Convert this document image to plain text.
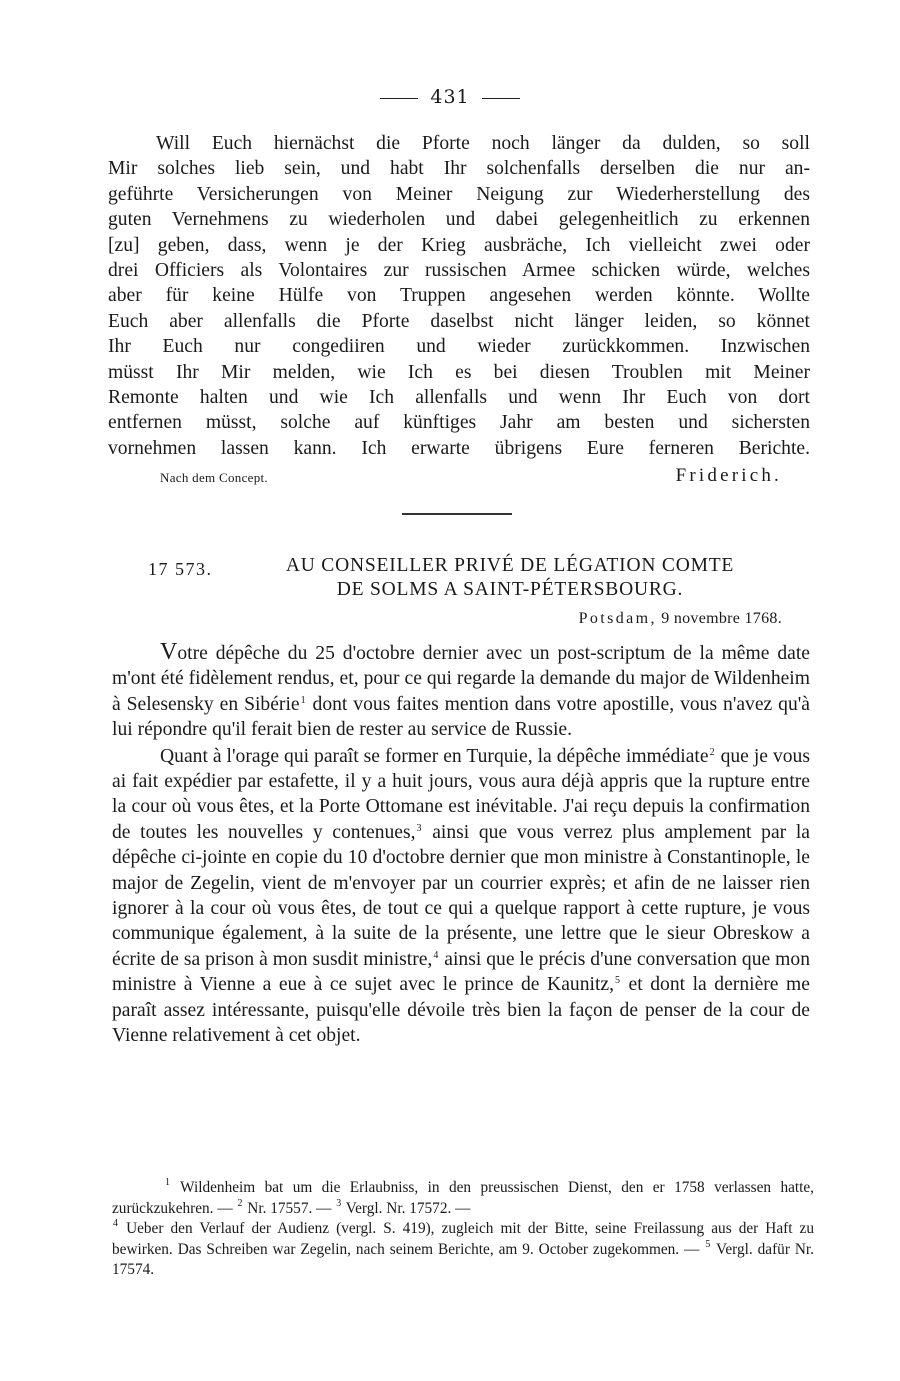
431

Will Euch hiernächst die Pforte noch länger da dulden, so soll

Mir solches lieb sein, und habt Ihr solchenfalls derselben die nur an-

geführte Versicherungen von Meiner Neigung zur Wiederherstellung des

guten Vernehmens zu wiederholen und dabei gelegenheitlich zu erkennen

[zu] geben, dass, wenn je der Krieg ausbräche, Ich vielleicht zwei oder

drei Officiers als Volontaires zur russischen Armee schicken würde, welches

aber für keine Hülfe von Truppen angesehen werden könnte. Wollte

Euch aber allenfalls die Pforte daselbst nicht länger leiden, so könnet

Ihr Euch nur congediiren und wieder zurückkommen. Inzwischen

müsst Ihr Mir melden, wie Ich es bei diesen Troublen mit Meiner

Remonte halten und wie Ich allenfalls und wenn Ihr Euch von dort

entfernen müsst, solche auf künftiges Jahr am besten und sichersten

vornehmen lassen kann. Ich erwarte übrigens Eure ferneren Berichte.

Nach dem Concept.	Friderich.
17 573.	AU CONSEILLER PRIVÉ DE LÉGATION COMTE
DE SOLMS A SAINT-PÉTERSBOURG.
Potsdam, 9 novembre 1768.

Votre dépêche du 25 d'octobre dernier avec un post-scriptum de la même date m'ont été fidèlement rendus, et, pour ce qui regarde la demande du major de Wildenheim à Selesensky en Sibérie$^1$ dont vous faites mention dans votre apostille, vous n'avez qu'à lui répondre qu'il ferait bien de rester au service de Russie.

Quant à l'orage qui paraît se former en Turquie, la dépêche immédiate$^2$ que je vous ai fait expédier par estafette, il y a huit jours, vous aura déjà appris que la rupture entre la cour où vous êtes, et la Porte Ottomane est inévitable. J'ai reçu depuis la confirmation de toutes les nouvelles y contenues,$^3$ ainsi que vous verrez plus amplement par la dépêche ci-jointe en copie du 10 d'octobre dernier que mon ministre à Constantinople, le major de Zegelin, vient de m'envoyer par un courrier exprès; et afin de ne laisser rien ignorer à la cour où vous êtes, de tout ce qui a quelque rapport à cette rupture, je vous communique également, à la suite de la présente, une lettre que le sieur Obreskow a écrite de sa prison à mon susdit ministre,$^4$ ainsi que le précis d'une conversation que mon ministre à Vienne a eue à ce sujet avec le prince de Kaunitz,$^5$ et dont la dernière me paraît assez intéressante, puisqu'elle dévoile très bien la façon de penser de la cour de Vienne relativement à cet objet.

$^1$ Wildenheim bat um die Erlaubniss, in den preussischen Dienst, den er 1758 verlassen hatte, zurückzukehren. — $^2$ Nr. 17557. — $^3$ Vergl. Nr. 17572. —

$^4$ Ueber den Verlauf der Audienz (vergl. S. 419), zugleich mit der Bitte, seine Freilassung aus der Haft zu bewirken. Das Schreiben war Zegelin, nach seinem Berichte, am 9. October zugekommen. — $^5$ Vergl. dafür Nr. 17574.
